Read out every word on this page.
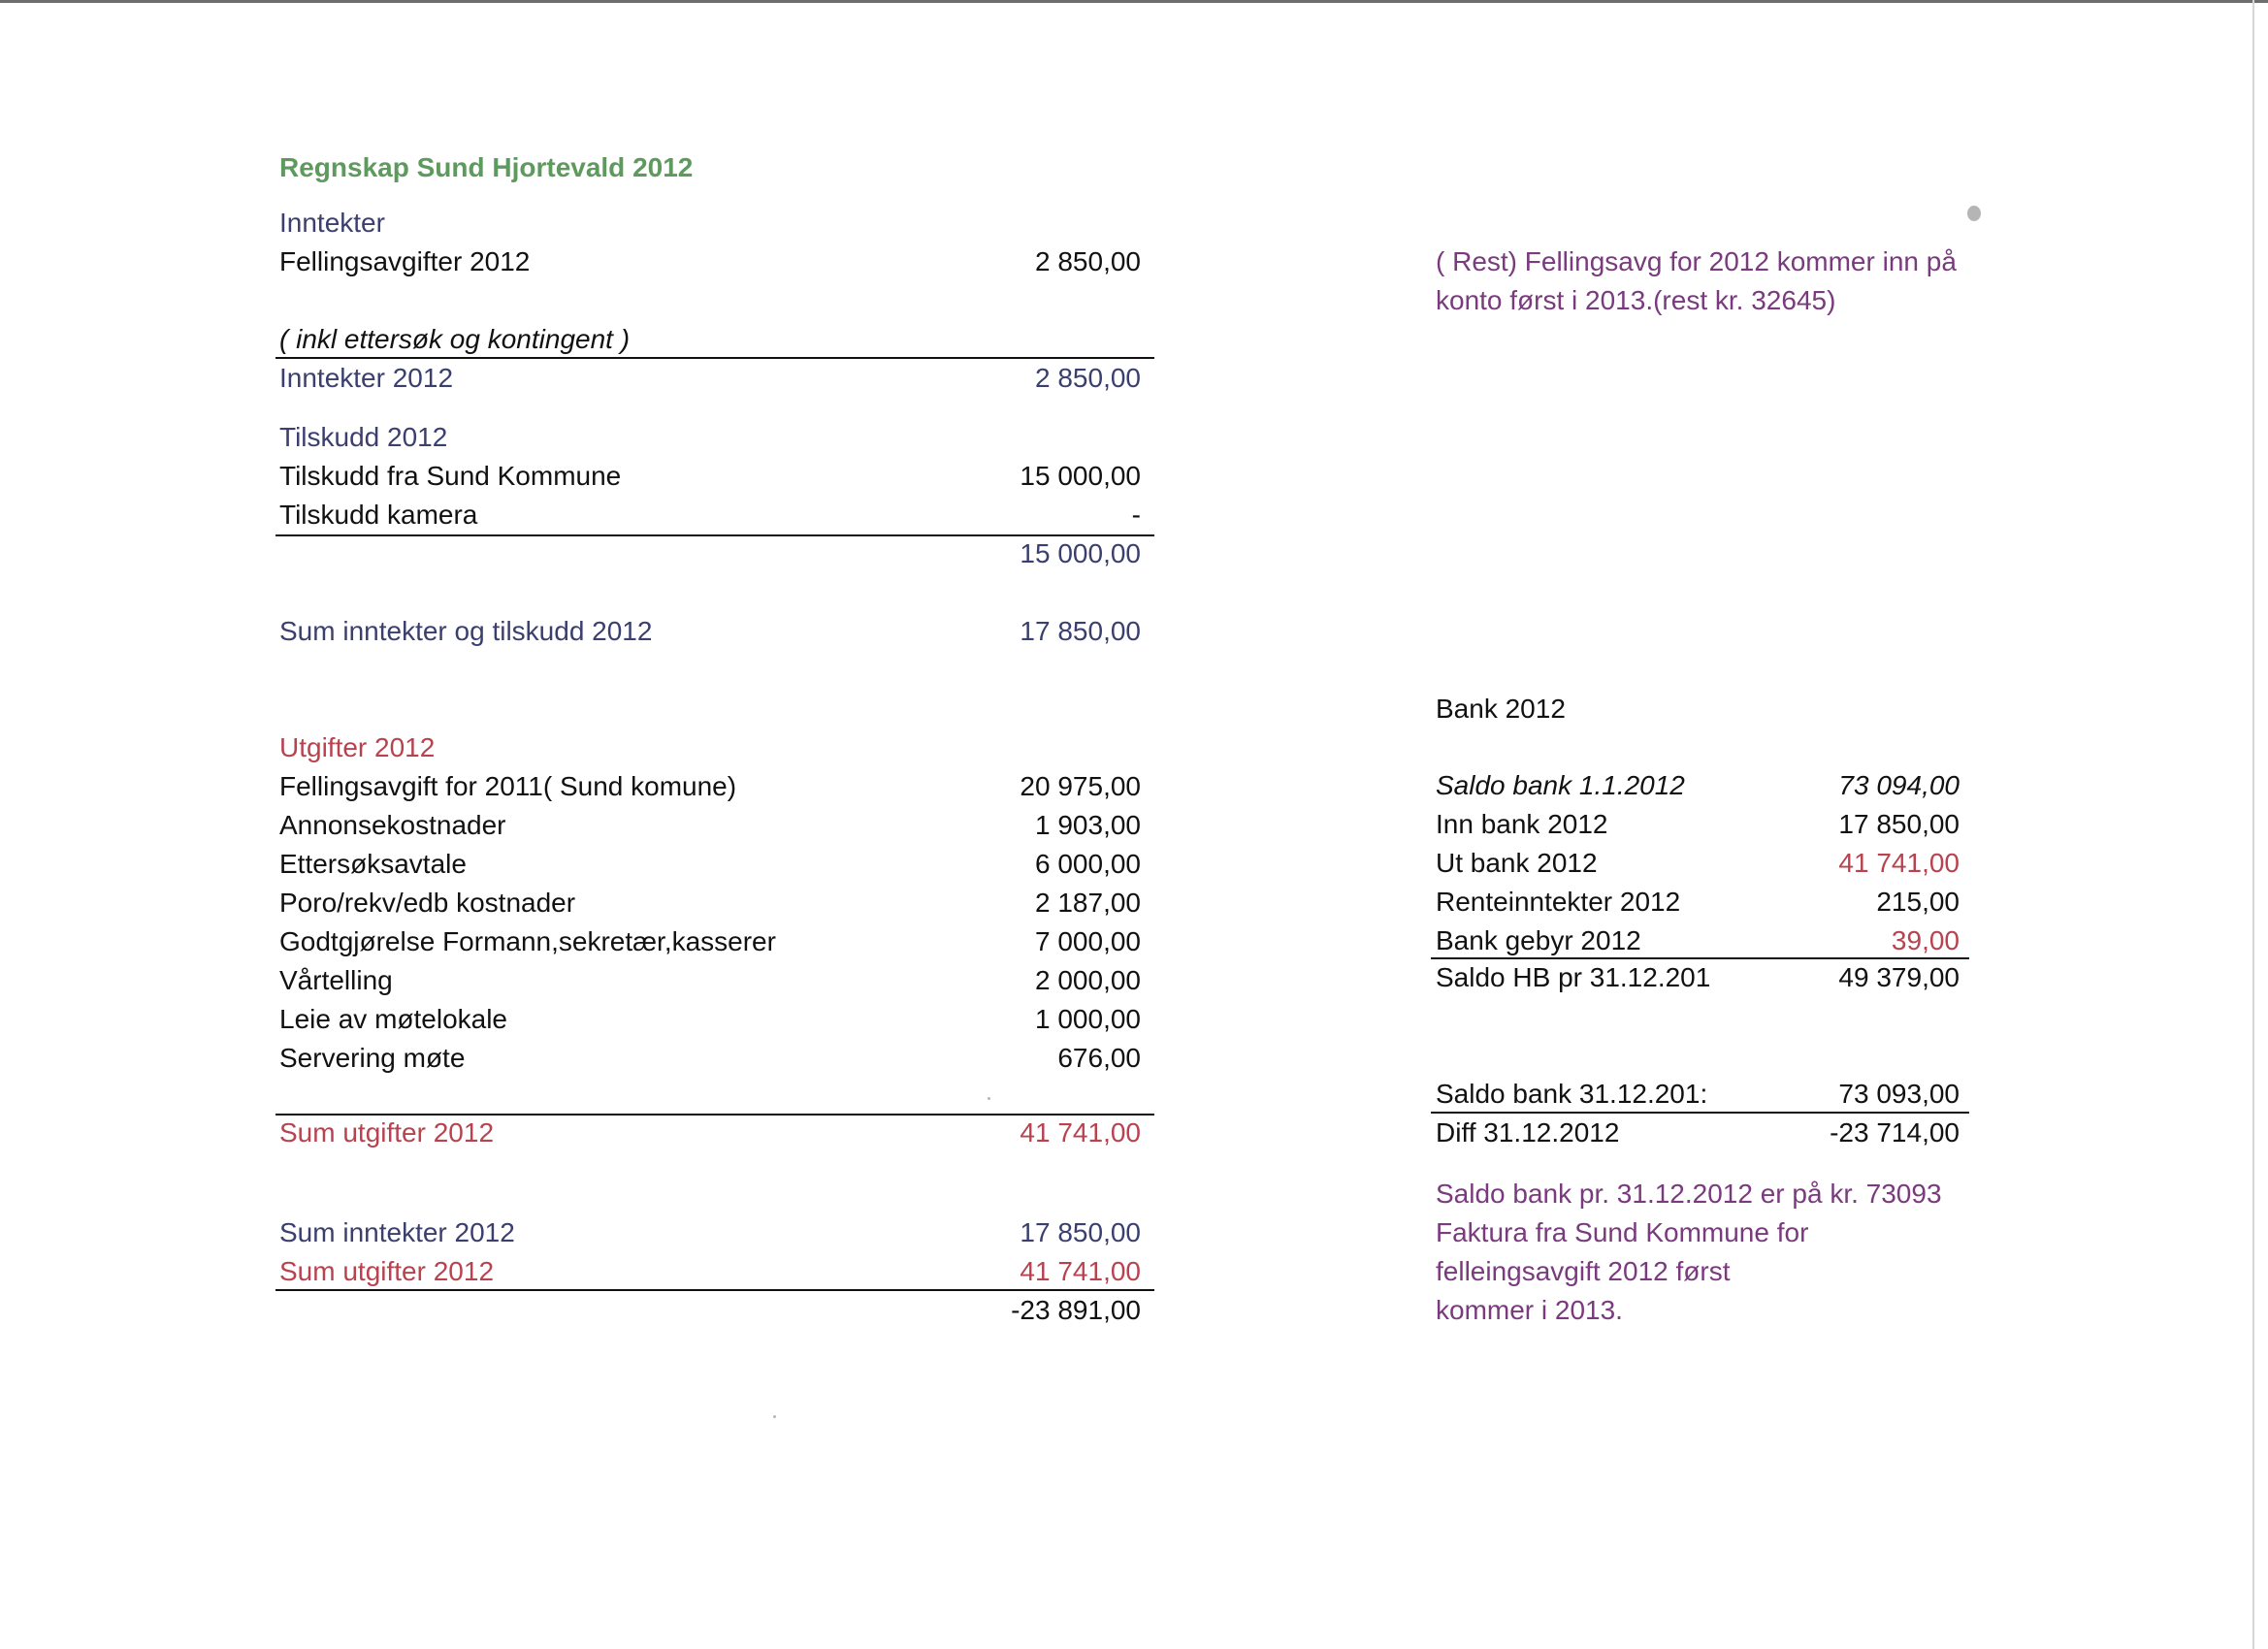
Regnskap Sund Hjortevald 2012
Inntekter
Fellingsavgifter 2012	2 850,00
( inkl ettersøk og kontingent )
Inntekter 2012	2 850,00
Tilskudd 2012
Tilskudd fra Sund Kommune	15 000,00
Tilskudd kamera	-
15 000,00
Sum inntekter og tilskudd 2012	17 850,00
Utgifter 2012
Fellingsavgift for 2011( Sund komune)	20 975,00
Annonsekostnader	1 903,00
Ettersøksavtale	6 000,00
Poro/rekv/edb kostnader	2 187,00
Godtgjørelse Formann,sekretær,kasserer	7 000,00
Vårtelling	2 000,00
Leie av møtelokale	1 000,00
Servering møte	676,00
Sum utgifter 2012	41 741,00
Sum inntekter 2012	17 850,00
Sum utgifter 2012	41 741,00
-23 891,00
( Rest) Fellingsavg for 2012 kommer inn på
konto først i 2013.(rest kr. 32645)
Bank 2012
Saldo bank 1.1.2012	73 094,00
Inn bank 2012	17 850,00
Ut bank 2012	41 741,00
Renteinntekter 2012	215,00
Bank gebyr 2012	39,00
Saldo HB pr 31.12.201	49 379,00
Saldo bank 31.12.201:	73 093,00
Diff 31.12.2012	-23 714,00
Saldo bank pr. 31.12.2012 er på kr. 73093
Faktura fra Sund Kommune for
felleingsavgift 2012 først
kommer i 2013.
